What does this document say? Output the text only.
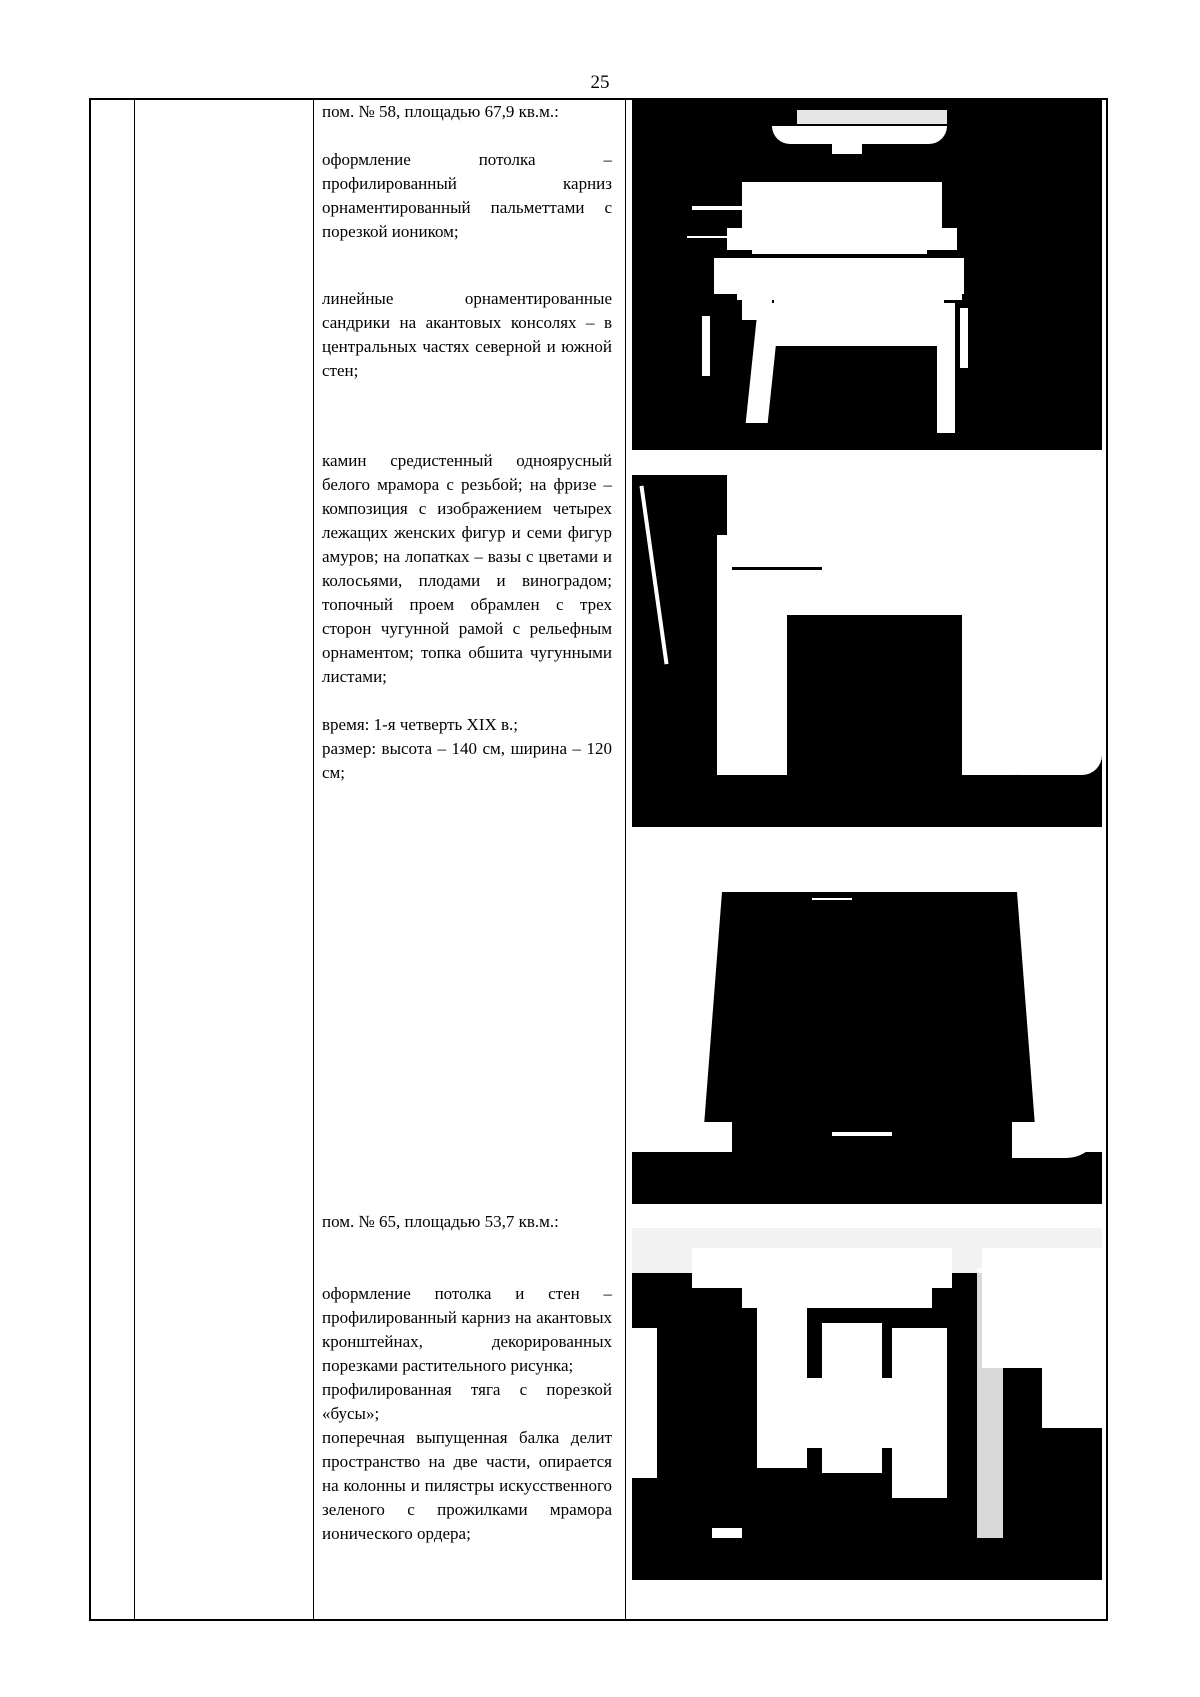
25

пом. № 58, площадью 67,9 кв.м.:

оформление потолка – профилированный карниз орнаментированный пальметтами с порезкой иоником;

линейные орнаментированные сандрики на акантовых консолях – в центральных частях северной и южной стен;

камин средистенный одноярусный белого мрамора с резьбой; на фризе – композиция с изображением четырех лежащих женских фигур и семи фигур амуров; на лопатках – вазы с цветами и колосьями, плодами и виноградом; топочный проем обрамлен с трех сторон чугунной рамой с рельефным орнаментом; топка обшита чугунными листами;

время: 1-я четверть XIX в.;

размер: высота – 140 см, ширина – 120 см;

пом. № 65, площадью 53,7 кв.м.:

оформление потолка и стен – профилированный карниз на акантовых кронштейнах, декорированных порезками растительного рисунка;

профилированная тяга с порезкой «бусы»;

поперечная выпущенная балка делит пространство на две части, опирается на колонны и пилястры искусственного зеленого с прожилками мрамора ионического ордера;
